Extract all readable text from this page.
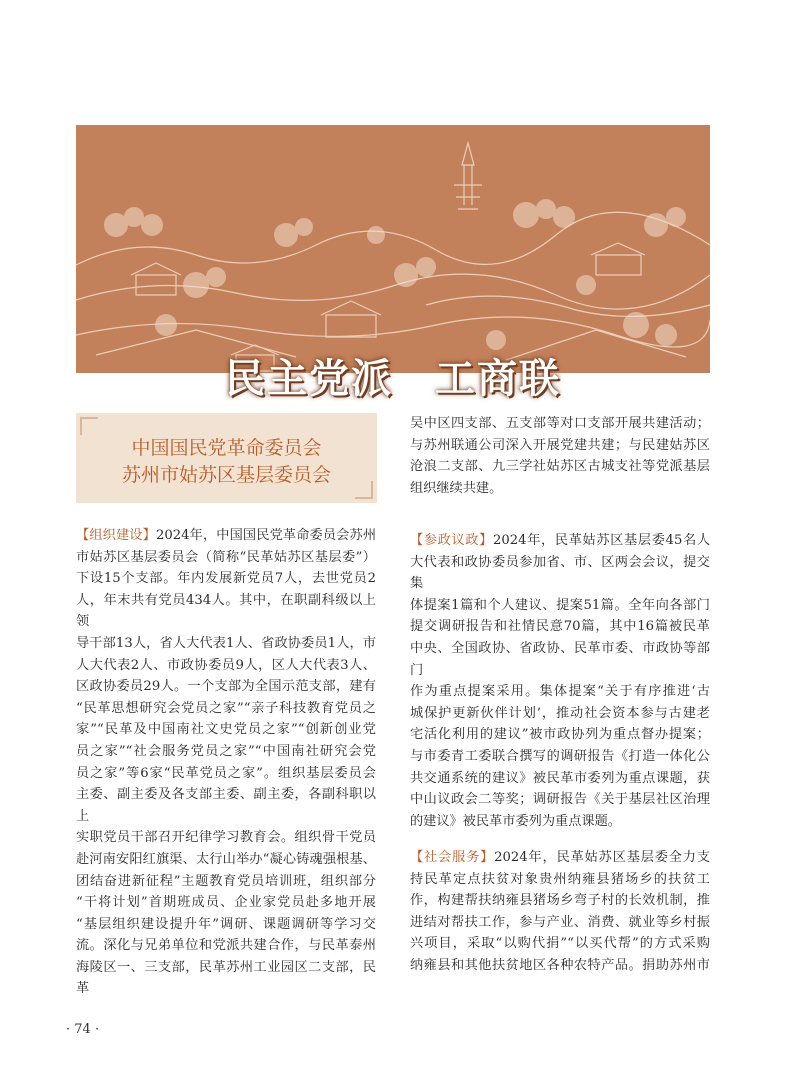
民主党派　工商联
中国国民党革命委员会
苏州市姑苏区基层委员会

【组织建设】2024年，中国国民党革命委员会苏州

市姑苏区基层委员会（简称“民革姑苏区基层委”）

下设15个支部。年内发展新党员7人，去世党员2

人，年末共有党员434人。其中，在职副科级以上领

导干部13人，省人大代表1人、省政协委员1人，市

人大代表2人、市政协委员9人，区人大代表3人、

区政协委员29人。一个支部为全国示范支部，建有

“民革思想研究会党员之家”“亲子科技教育党员之

家”“民革及中国南社文史党员之家”“创新创业党

员之家”“社会服务党员之家”“中国南社研究会党

员之家”等6家“民革党员之家”。组织基层委员会

主委、副主委及各支部主委、副主委，各副科职以上

实职党员干部召开纪律学习教育会。组织骨干党员

赴河南安阳红旗渠、太行山举办“凝心铸魂强根基、

团结奋进新征程”主题教育党员培训班，组织部分

“干将计划”首期班成员、企业家党员赴多地开展

“基层组织建设提升年”调研、课题调研等学习交

流。深化与兄弟单位和党派共建合作，与民革泰州

海陵区一、三支部，民革苏州工业园区二支部，民革

吴中区四支部、五支部等对口支部开展共建活动；

与苏州联通公司深入开展党建共建；与民建姑苏区

沧浪二支部、九三学社姑苏区古城支社等党派基层

组织继续共建。

【参政议政】2024年，民革姑苏区基层委45名人

大代表和政协委员参加省、市、区两会会议，提交集

体提案1篇和个人建议、提案51篇。全年向各部门

提交调研报告和社情民意70篇，其中16篇被民革

中央、全国政协、省政协、民革市委、市政协等部门

作为重点提案采用。集体提案“关于有序推进‘古

城保护更新伙伴计划’，推动社会资本参与古建老

宅活化利用的建议”被市政协列为重点督办提案；

与市委青工委联合撰写的调研报告《打造一体化公

共交通系统的建议》被民革市委列为重点课题，获

中山议政会二等奖；调研报告《关于基层社区治理

的建议》被民革市委列为重点课题。

【社会服务】2024年，民革姑苏区基层委全力支

持民革定点扶贫对象贵州纳雍县猪场乡的扶贫工

作，构建帮扶纳雍县猪场乡弯子村的长效机制，推

进结对帮扶工作，参与产业、消费、就业等乡村振

兴项目，采取“以购代捐”“以买代帮”的方式采购

纳雍县和其他扶贫地区各种农特产品。捐助苏州市

· 74 ·
